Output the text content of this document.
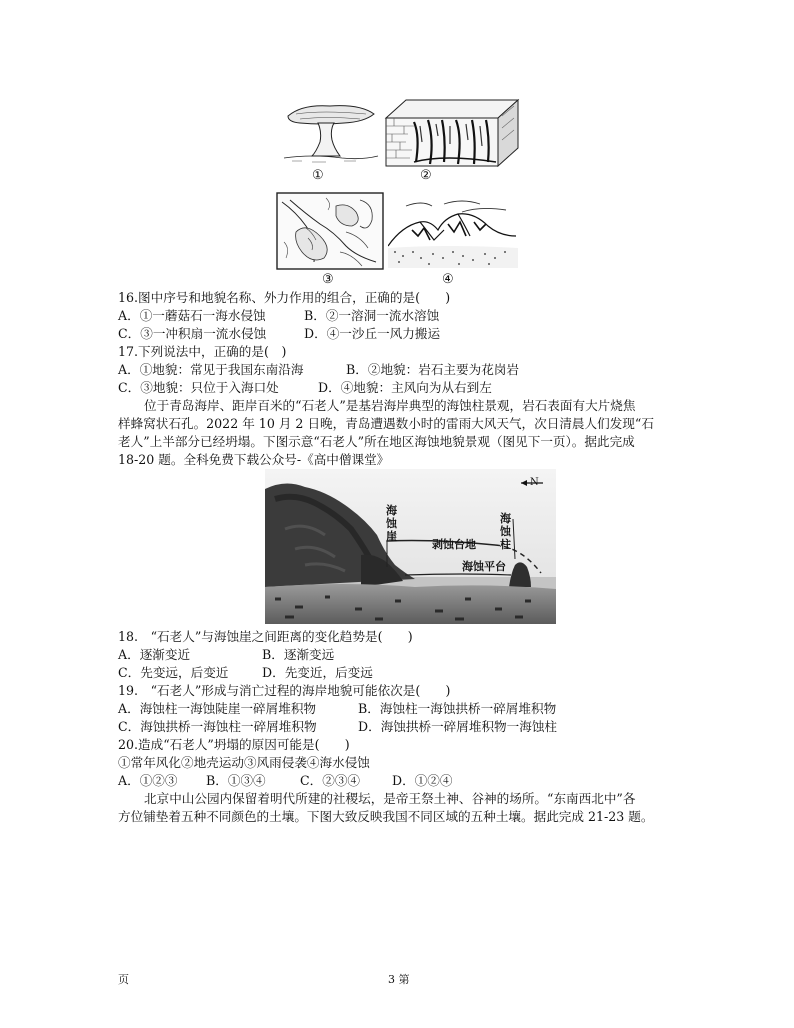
①	②
③	④
16.图中序号和地貌名称、外力作用的组合，正确的是(　　)
A．①一蘑菇石一海水侵蚀	B．②一溶洞一流水溶蚀
C．③一冲积扇一流水侵蚀	D．④一沙丘一风力搬运
17.下列说法中，正确的是(　)
A．①地貌：常见于我国东南沿海	B．②地貌：岩石主要为花岗岩
C．③地貌：只位于入海口处	D．④地貌：主风向为从右到左
位于青岛海岸、距岸百米的“石老人”是基岩海岸典型的海蚀柱景观，岩石表面有大片烧焦
样蜂窝状石孔。2022 年 10 月 2 日晚，青岛遭遇数小时的雷雨大风天气，次日清晨人们发现“石
老人”上半部分已经坍塌。下图示意“石老人”所在地区海蚀地貌景观（图见下一页）。据此完成
18-20 题。全科免费下载公众号-《高中僧课堂》
N
海蚀崖
海蚀柱
剥蚀台地
海蚀平台
18.　“石老人”与海蚀崖之间距离的变化趋势是(　　)
A．逐渐变近	B．逐渐变远
C．先变远，后变近	D．先变近，后变远
19.　“石老人”形成与消亡过程的海岸地貌可能依次是(　　)
A．海蚀柱一海蚀陡崖一碎屑堆积物	B．海蚀柱一海蚀拱桥一碎屑堆积物
C．海蚀拱桥一海蚀柱一碎屑堆积物	D．海蚀拱桥一碎屑堆积物一海蚀柱
20.造成“石老人”坍塌的原因可能是(　　)
①常年风化②地壳运动③风雨侵袭④海水侵蚀
A．①②③ B．①③④	C．②③④	D．①②④
北京中山公园内保留着明代所建的社稷坛，是帝王祭土神、谷神的场所。“东南西北中”各
方位铺垫着五种不同颜色的土壤。下图大致反映我国不同区域的五种土壤。据此完成 21-23 题。
页	3 第
